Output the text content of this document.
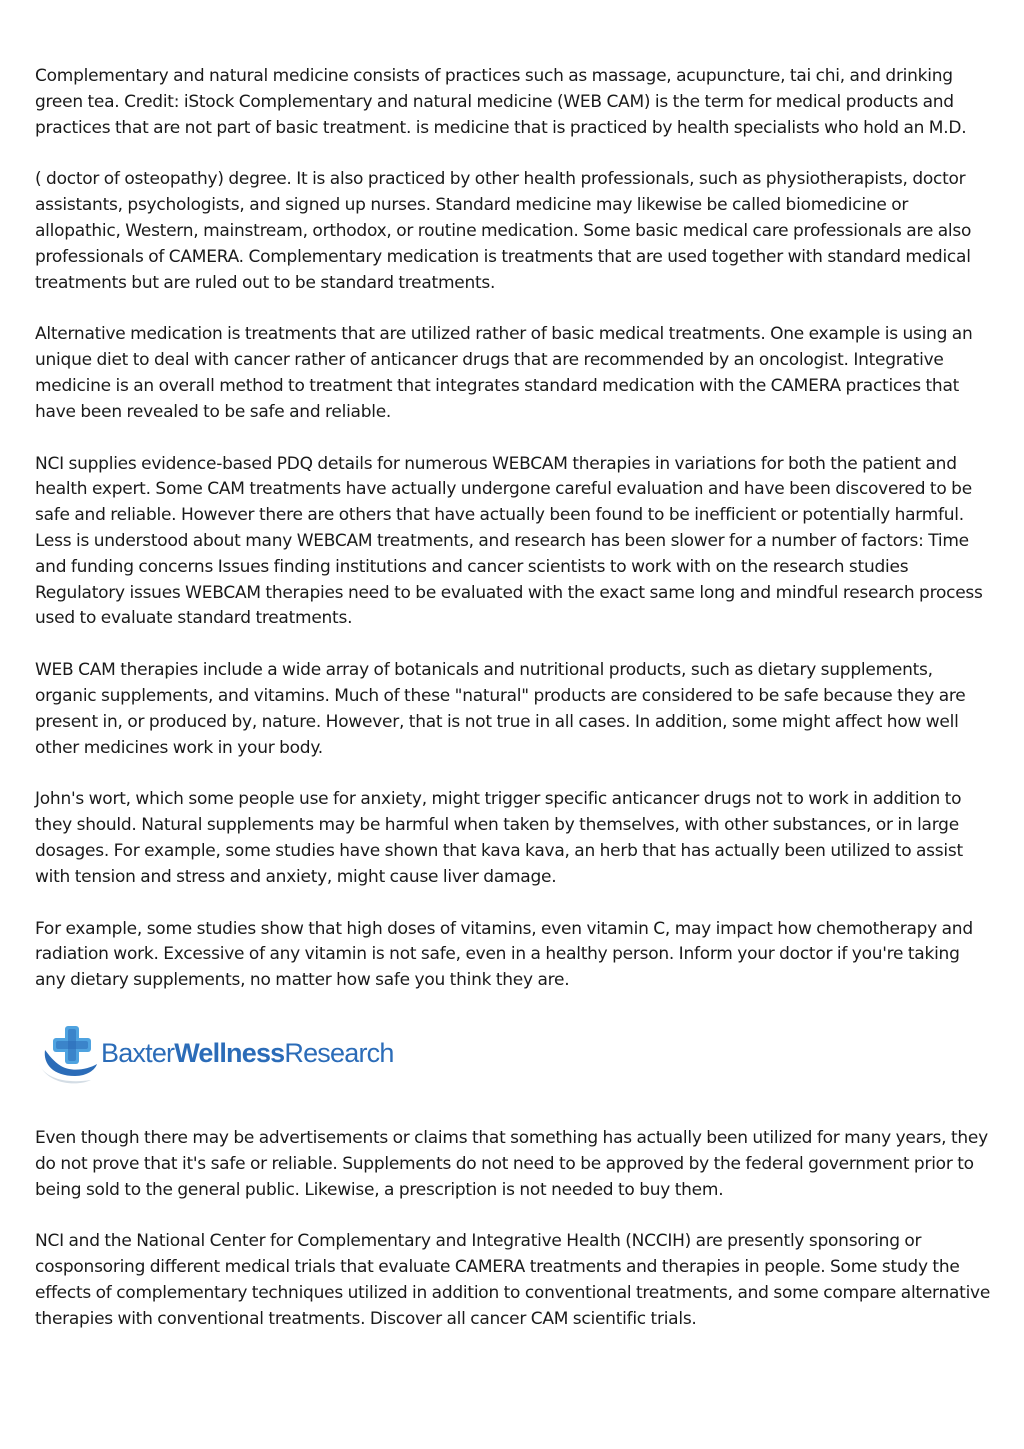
Complementary and natural medicine consists of practices such as massage, acupuncture, tai chi, and drinking green tea. Credit: iStock Complementary and natural medicine (WEB CAM) is the term for medical products and practices that are not part of basic treatment. is medicine that is practiced by health specialists who hold an M.D.

( doctor of osteopathy) degree. It is also practiced by other health professionals, such as physiotherapists, doctor assistants, psychologists, and signed up nurses. Standard medicine may likewise be called biomedicine or allopathic, Western, mainstream, orthodox, or routine medication. Some basic medical care professionals are also professionals of CAMERA. Complementary medication is treatments that are used together with standard medical treatments but are ruled out to be standard treatments.

Alternative medication is treatments that are utilized rather of basic medical treatments. One example is using an unique diet to deal with cancer rather of anticancer drugs that are recommended by an oncologist. Integrative medicine is an overall method to treatment that integrates standard medication with the CAMERA practices that have been revealed to be safe and reliable.

NCI supplies evidence-based PDQ details for numerous WEBCAM therapies in variations for both the patient and health expert. Some CAM treatments have actually undergone careful evaluation and have been discovered to be safe and reliable. However there are others that have actually been found to be inefficient or potentially harmful. Less is understood about many WEBCAM treatments, and research has been slower for a number of factors: Time and funding concerns Issues finding institutions and cancer scientists to work with on the research studies Regulatory issues WEBCAM therapies need to be evaluated with the exact same long and mindful research process used to evaluate standard treatments.

WEB CAM therapies include a wide array of botanicals and nutritional products, such as dietary supplements, organic supplements, and vitamins. Much of these "natural" products are considered to be safe because they are present in, or produced by, nature. However, that is not true in all cases. In addition, some might affect how well other medicines work in your body.

John's wort, which some people use for anxiety, might trigger specific anticancer drugs not to work in addition to they should. Natural supplements may be harmful when taken by themselves, with other substances, or in large dosages. For example, some studies have shown that kava kava, an herb that has actually been utilized to assist with tension and stress and anxiety, might cause liver damage.

For example, some studies show that high doses of vitamins, even vitamin C, may impact how chemotherapy and radiation work. Excessive of any vitamin is not safe, even in a healthy person. Inform your doctor if you're taking any dietary supplements, no matter how safe you think they are.

BaxterWellnessResearch

Even though there may be advertisements or claims that something has actually been utilized for many years, they do not prove that it's safe or reliable. Supplements do not need to be approved by the federal government prior to being sold to the general public. Likewise, a prescription is not needed to buy them.

NCI and the National Center for Complementary and Integrative Health (NCCIH) are presently sponsoring or cosponsoring different medical trials that evaluate CAMERA treatments and therapies in people. Some study the effects of complementary techniques utilized in addition to conventional treatments, and some compare alternative therapies with conventional treatments. Discover all cancer CAM scientific trials.
